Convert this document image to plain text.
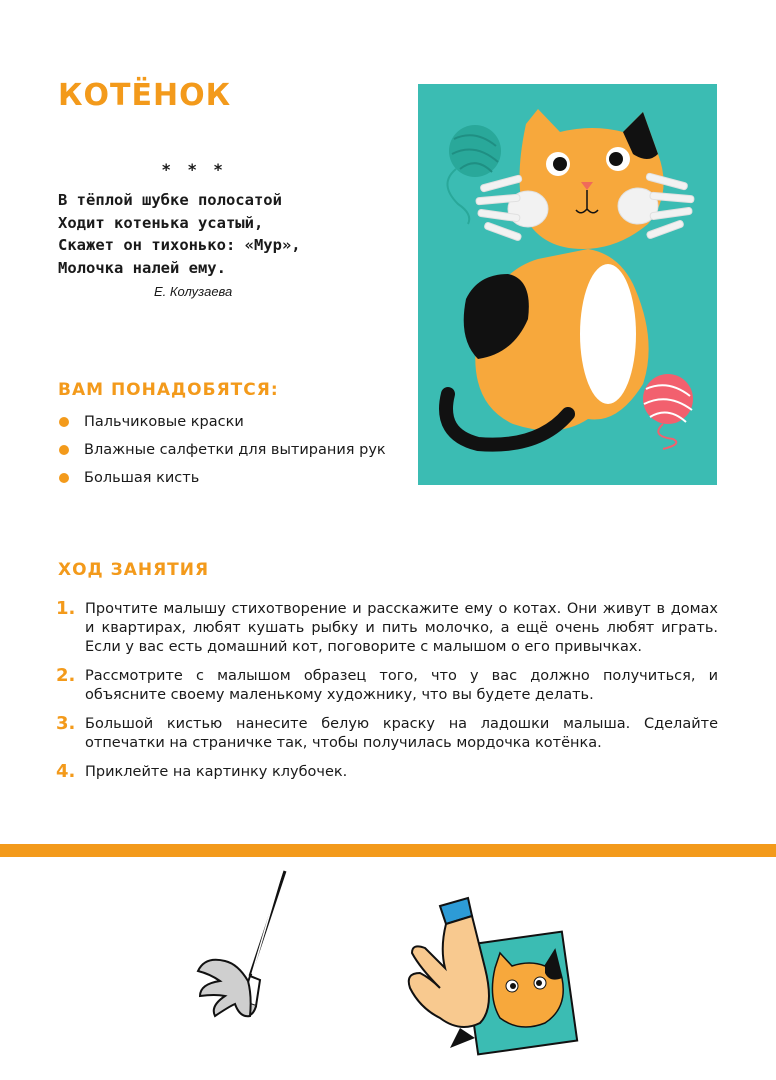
КОТЁНОК
* * *
В тёплой шубке полосатой
Ходит котенька усатый,
Скажет он тихонько: «Мур»,
Молочка налей ему.
Е. Колузаева
ВАМ ПОНАДОБЯТСЯ:
Пальчиковые краски
Влажные салфетки для вытирания рук
Большая кисть
ХОД ЗАНЯТИЯ
1. Прочтите малышу стихотворение и расскажите ему о котах. Они живут в домах и квартирах, любят кушать рыбку и пить молочко, а ещё очень любят играть. Если у вас есть домашний кот, поговорите с малышом о его привычках.
2. Рассмотрите с малышом образец того, что у вас должно получиться, и объясните своему маленькому художнику, что вы будете делать.
3. Большой кистью нанесите белую краску на ладошки малыша. Сделайте отпечатки на страничке так, чтобы получилась мордочка котёнка.
4. Приклейте на картинку клубочек.
